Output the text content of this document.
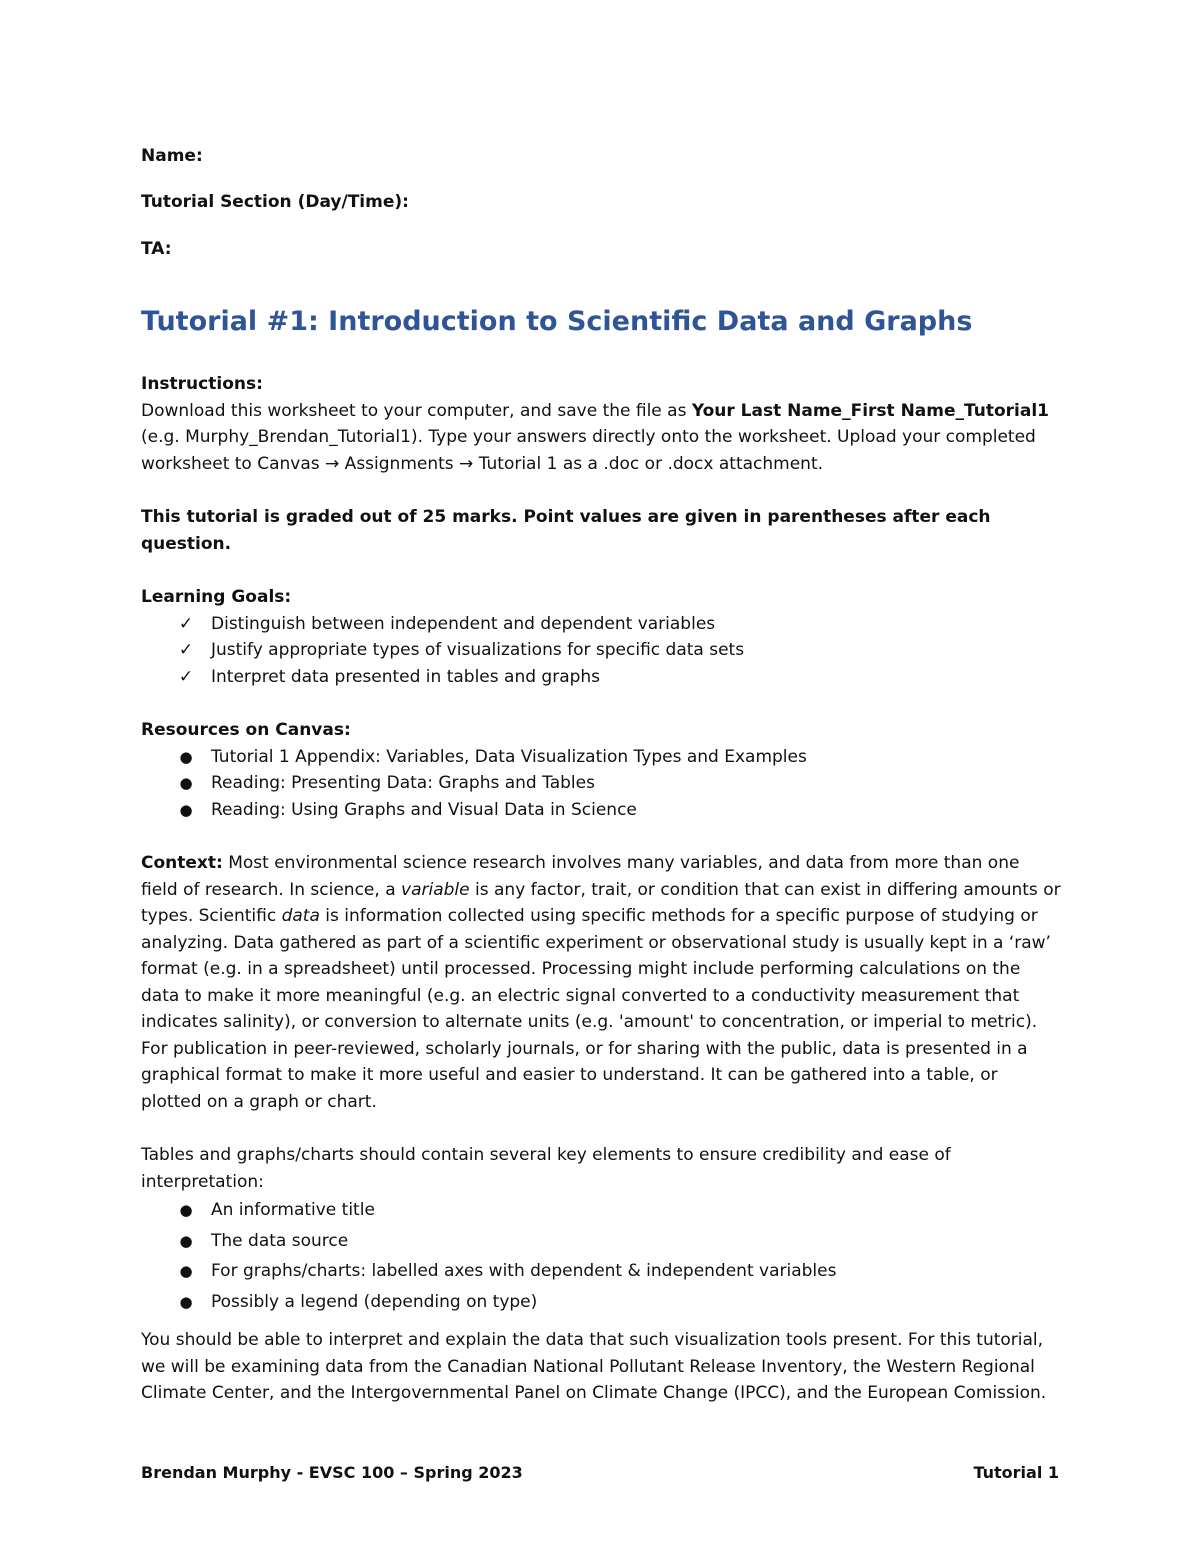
Name:

Tutorial Section (Day/Time):

TA:

Tutorial #1: Introduction to Scientific Data and Graphs

Instructions:

Download this worksheet to your computer, and save the file as Your Last Name_First Name_Tutorial1 (e.g. Murphy_Brendan_Tutorial1). Type your answers directly onto the worksheet. Upload your completed worksheet to Canvas → Assignments → Tutorial 1 as a .doc or .docx attachment.

This tutorial is graded out of 25 marks. Point values are given in parentheses after each question.

Learning Goals:

✓ Distinguish between independent and dependent variables
✓ Justify appropriate types of visualizations for specific data sets
✓ Interpret data presented in tables and graphs

Resources on Canvas:

●	Tutorial 1 Appendix: Variables, Data Visualization Types and Examples
●	Reading: Presenting Data: Graphs and Tables
●	Reading: Using Graphs and Visual Data in Science

Context: Most environmental science research involves many variables, and data from more than one field of research. In science, a variable is any factor, trait, or condition that can exist in differing amounts or types. Scientific data is information collected using specific methods for a specific purpose of studying or analyzing. Data gathered as part of a scientific experiment or observational study is usually kept in a ‘raw’ format (e.g. in a spreadsheet) until processed. Processing might include performing calculations on the data to make it more meaningful (e.g. an electric signal converted to a conductivity measurement that indicates salinity), or conversion to alternate units (e.g. 'amount' to concentration, or imperial to metric). For publication in peer-reviewed, scholarly journals, or for sharing with the public, data is presented in a graphical format to make it more useful and easier to understand. It can be gathered into a table, or plotted on a graph or chart.

Tables and graphs/charts should contain several key elements to ensure credibility and ease of interpretation:

●	An informative title
●	The data source
●	For graphs/charts: labelled axes with dependent & independent variables
●	Possibly a legend (depending on type)

You should be able to interpret and explain the data that such visualization tools present. For this tutorial, we will be examining data from the Canadian National Pollutant Release Inventory, the Western Regional Climate Center, and the Intergovernmental Panel on Climate Change (IPCC), and the European Comission.

Brendan Murphy - EVSC 100 – Spring 2023	Tutorial 1
